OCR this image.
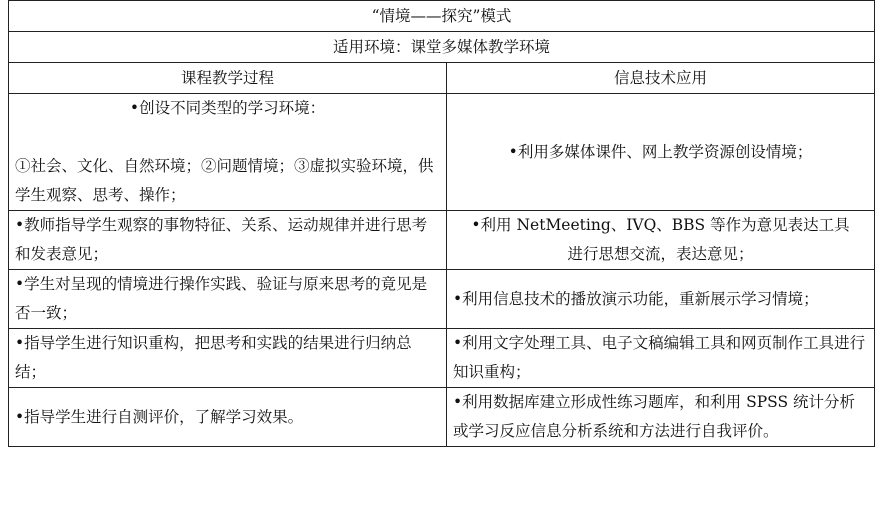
“情境——探究”模式	
适用环境：课堂多媒体教学环境	
课程教学过程	信息技术应用

•创设不同类型的学习环境：
①社会、文化、自然环境；②问题情境；③虚拟实验环境，供学生观察、思考、操作；	•利用多媒体课件、网上教学资源创设情境；

•教师指导学生观察的事物特征、关系、运动规律并进行思考和发表意见；	•利用 NetMeeting、IVQ、BBS 等作为意见表达工具
进行思想交流，表达意见；

•学生对呈现的情境进行操作实践、验证与原来思考的竟见是否一致；	•利用信息技术的播放演示功能，重新展示学习情境；

•指导学生进行知识重构，把思考和实践的结果进行归纳总结；	•利用文字处理工具、电子文稿编辑工具和网页制作工具进行知识重构；

•指导学生进行自测评价，了解学习效果。	•利用数据库建立形成性练习题库，和利用 SPSS 统计分析或学习反应信息分析系统和方法进行自我评价。
